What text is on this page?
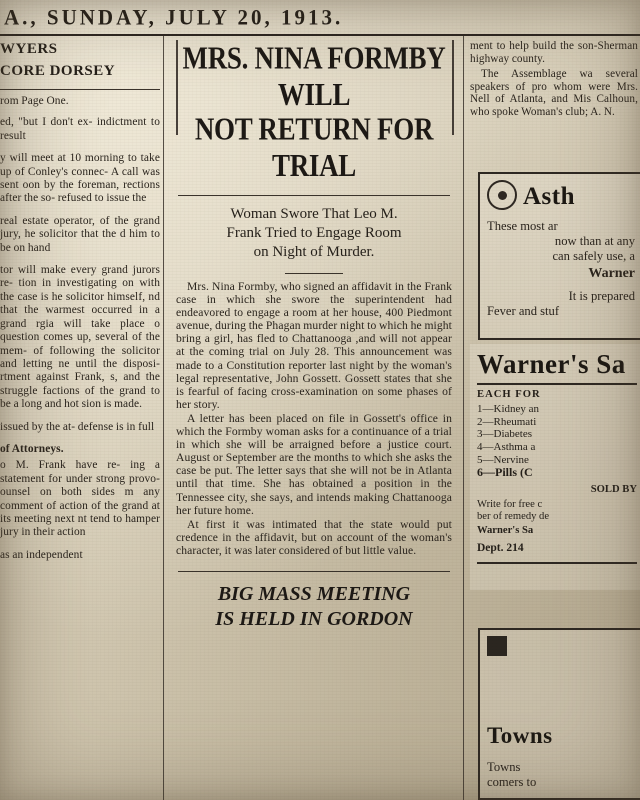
A., SUNDAY, JULY 20, 1913.
WYERS
CORE DORSEY

rom Page One.

ed, "but I don't ex- indictment to result

y will meet at 10 morning to take up of Conley's connec- A call was sent oon by the foreman, rections after the so- refused to issue the

real estate operator, of the grand jury, he solicitor that the d him to be on hand

tor will make every grand jurors re- tion in investigating on with the case is he solicitor himself, nd that the warmest occurred in a grand rgia will take place o question comes up, several of the mem- of following the solicitor and letting ne until the disposi- rtment against Frank, s, and the struggle factions of the grand to be a long and hot sion is made.

issued by the at- defense is in full

of Attorneys.

o M. Frank have re- ing a statement for under strong provo- ounsel on both sides m any comment of action of the grand at its meeting next nt tend to hamper jury in their action

as an independent

MRS. NINA FORMBY WILL
NOT RETURN FOR TRIAL
Woman Swore That Leo M.
Frank Tried to Engage Room
on Night of Murder.

Mrs. Nina Formby, who signed an affidavit in the Frank case in which she swore the superintendent had endeavored to engage a room at her house, 400 Piedmont avenue, during the Phagan murder night to which he might bring a girl, has fled to Chattanooga ,and will not appear at the coming trial on July 28. This announcement was made to a Constitution reporter last night by the woman's legal representative, John Gossett. Gossett states that she is fearful of facing cross-examination on some phases of her story.

A letter has been placed on file in Gossett's office in which the Formby woman asks for a continuance of a trial in which she will be arraigned before a justice court. August or September are the months to which she asks the case be put. The letter says that she will not be in Atlanta until that time. She has obtained a position in the Tennessee city, she says, and intends making Chattanooga her future home.

At first it was intimated that the state would put credence in the affidavit, but on account of the woman's character, it was later considered of but little value.

BIG MASS MEETING
IS HELD IN GORDON

ment to help build the son-Sherman highway county.

The Assemblage wa several speakers of pro whom were Mrs. Nell of Atlanta, and Mis Calhoun, who spoke Woman's club; A. N.

Asth
These most ar
now than at any
can safely use, a
Warner
It is prepared
Fever and stuf
Warner's Sa
EACH FOR
1—Kidney an
2—Rheumati
3—Diabetes
4—Asthma a
5—Nervine
6—Pills (C
SOLD BY
Write for free c
ber of remedy de
Warner's Sa
Dept. 214
Towns
Towns
comers to
